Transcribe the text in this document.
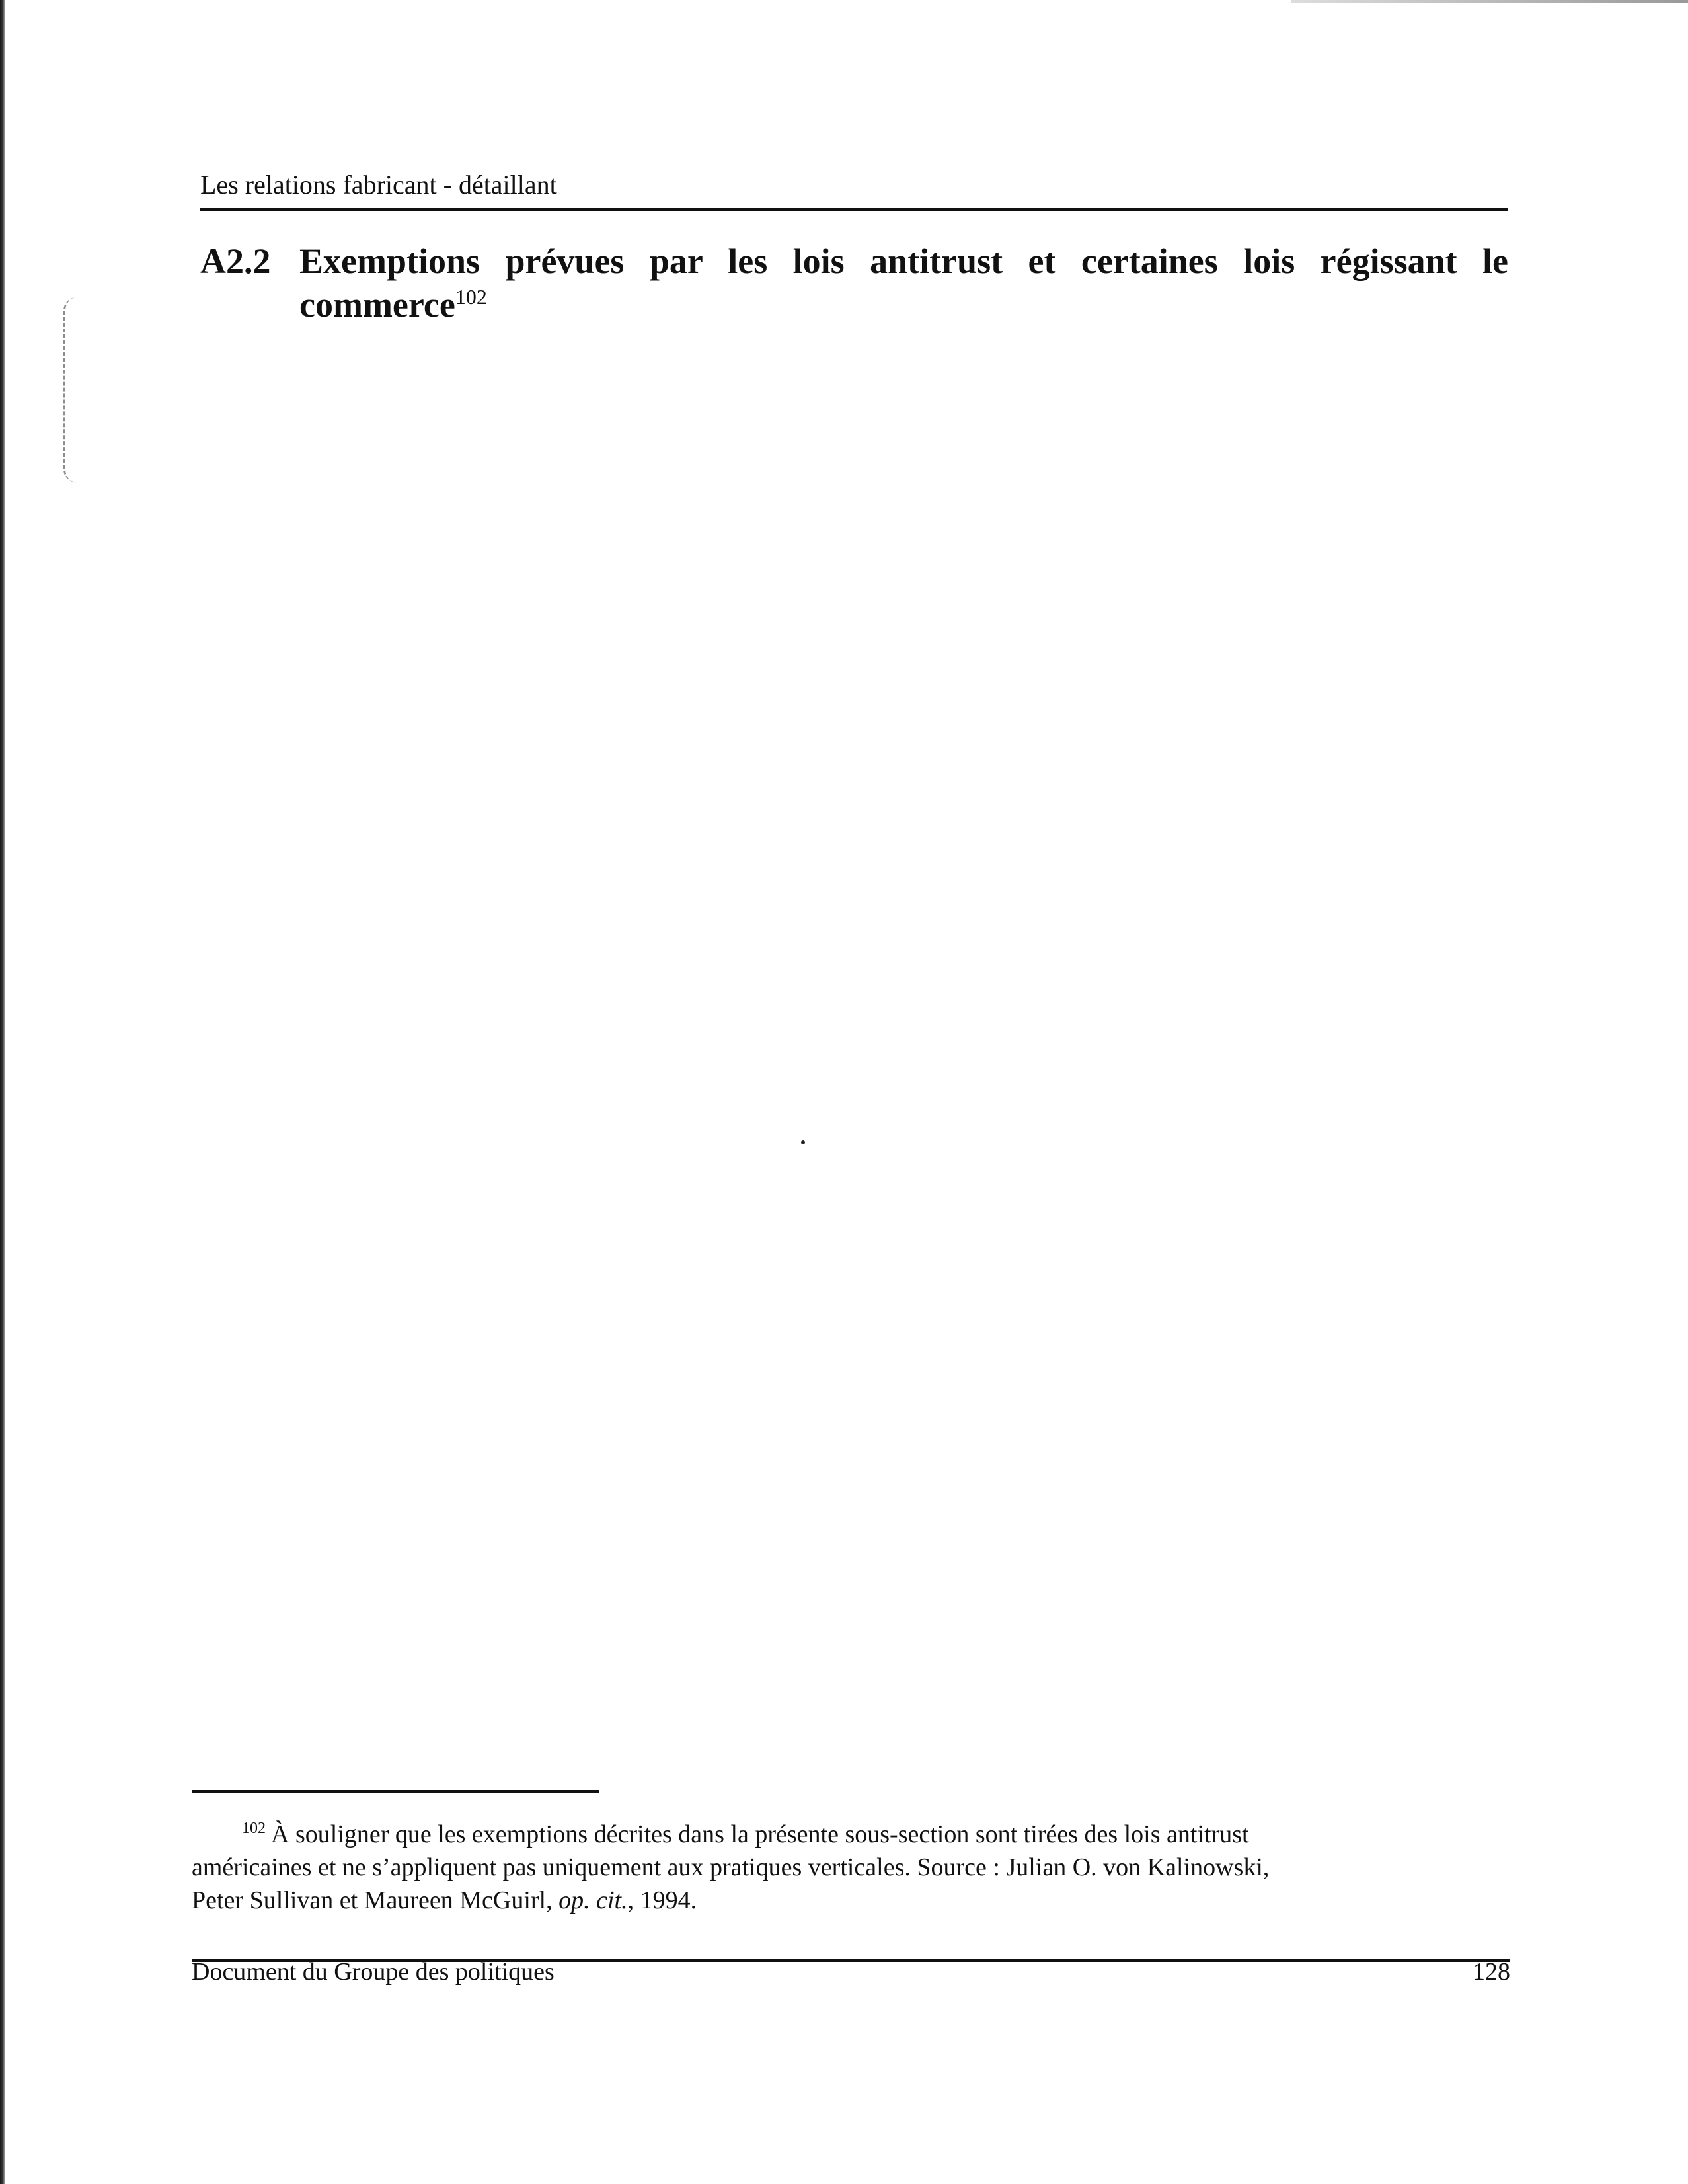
Les relations fabricant - détaillant
A2.2 Exemptions prévues par les lois antitrust et certaines lois régissant le commerce$^{102}$
$^{102}$ À souligner que les exemptions décrites dans la présente sous-section sont tirées des lois antitrust
américaines et ne s’appliquent pas uniquement aux pratiques verticales. Source : Julian O. von Kalinowski,
Peter Sullivan et Maureen McGuirl, op. cit., 1994.
Document du Groupe des politiques	128
